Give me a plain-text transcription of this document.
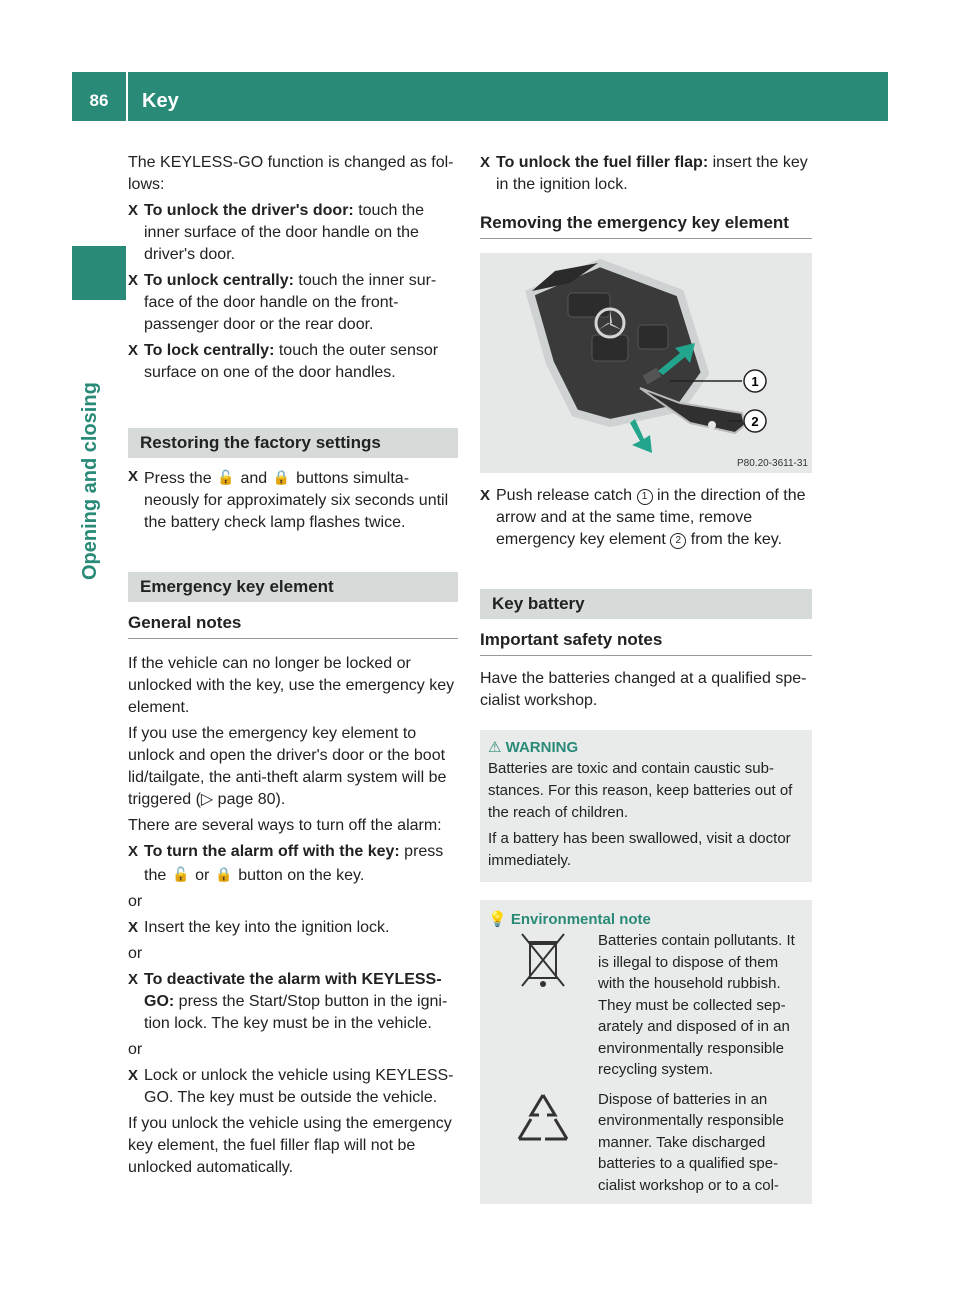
86	Key
Opening and closing

The KEYLESS-GO function is changed as follows:

X To unlock the driver's door: touch the inner surface of the door handle on the driver's door.
X To unlock centrally: touch the inner surface of the door handle on the front-passenger door or the rear door.
X To lock centrally: touch the outer sensor surface on one of the door handles.
Restoring the factory settings
X Press the 🔓 and 🔒 buttons simultaneously for approximately six seconds until the battery check lamp flashes twice.
Emergency key element
General notes

If the vehicle can no longer be locked or unlocked with the key, use the emergency key element.

If you use the emergency key element to unlock and open the driver's door or the boot lid/tailgate, the anti-theft alarm system will be triggered (▷ page 80).

There are several ways to turn off the alarm:

X To turn the alarm off with the key: press the 🔓 or 🔒 button on the key.

or

X Insert the key into the ignition lock.

or

X To deactivate the alarm with KEYLESS-GO: press the Start/Stop button in the ignition lock. The key must be in the vehicle.

or

X Lock or unlock the vehicle using KEYLESS-GO. The key must be outside the vehicle.

If you unlock the vehicle using the emergency key element, the fuel filler flap will not be unlocked automatically.

X To unlock the fuel filler flap: insert the key in the ignition lock.
Removing the emergency key element
1
2
P80.20-3611-31
X Push release catch 1 in the direction of the arrow and at the same time, remove emergency key element 2 from the key.
Key battery
Important safety notes

Have the batteries changed at a qualified specialist workshop.

⚠ WARNING

Batteries are toxic and contain caustic substances. For this reason, keep batteries out of the reach of children.

If a battery has been swallowed, visit a doctor immediately.

💡 Environmental note
Batteries contain pollutants. It is illegal to dispose of them with the household rubbish. They must be collected separately and disposed of in an environmentally responsible recycling system.
Dispose of batteries in an environmentally responsible manner. Take discharged batteries to a qualified specialist workshop or to a col-
